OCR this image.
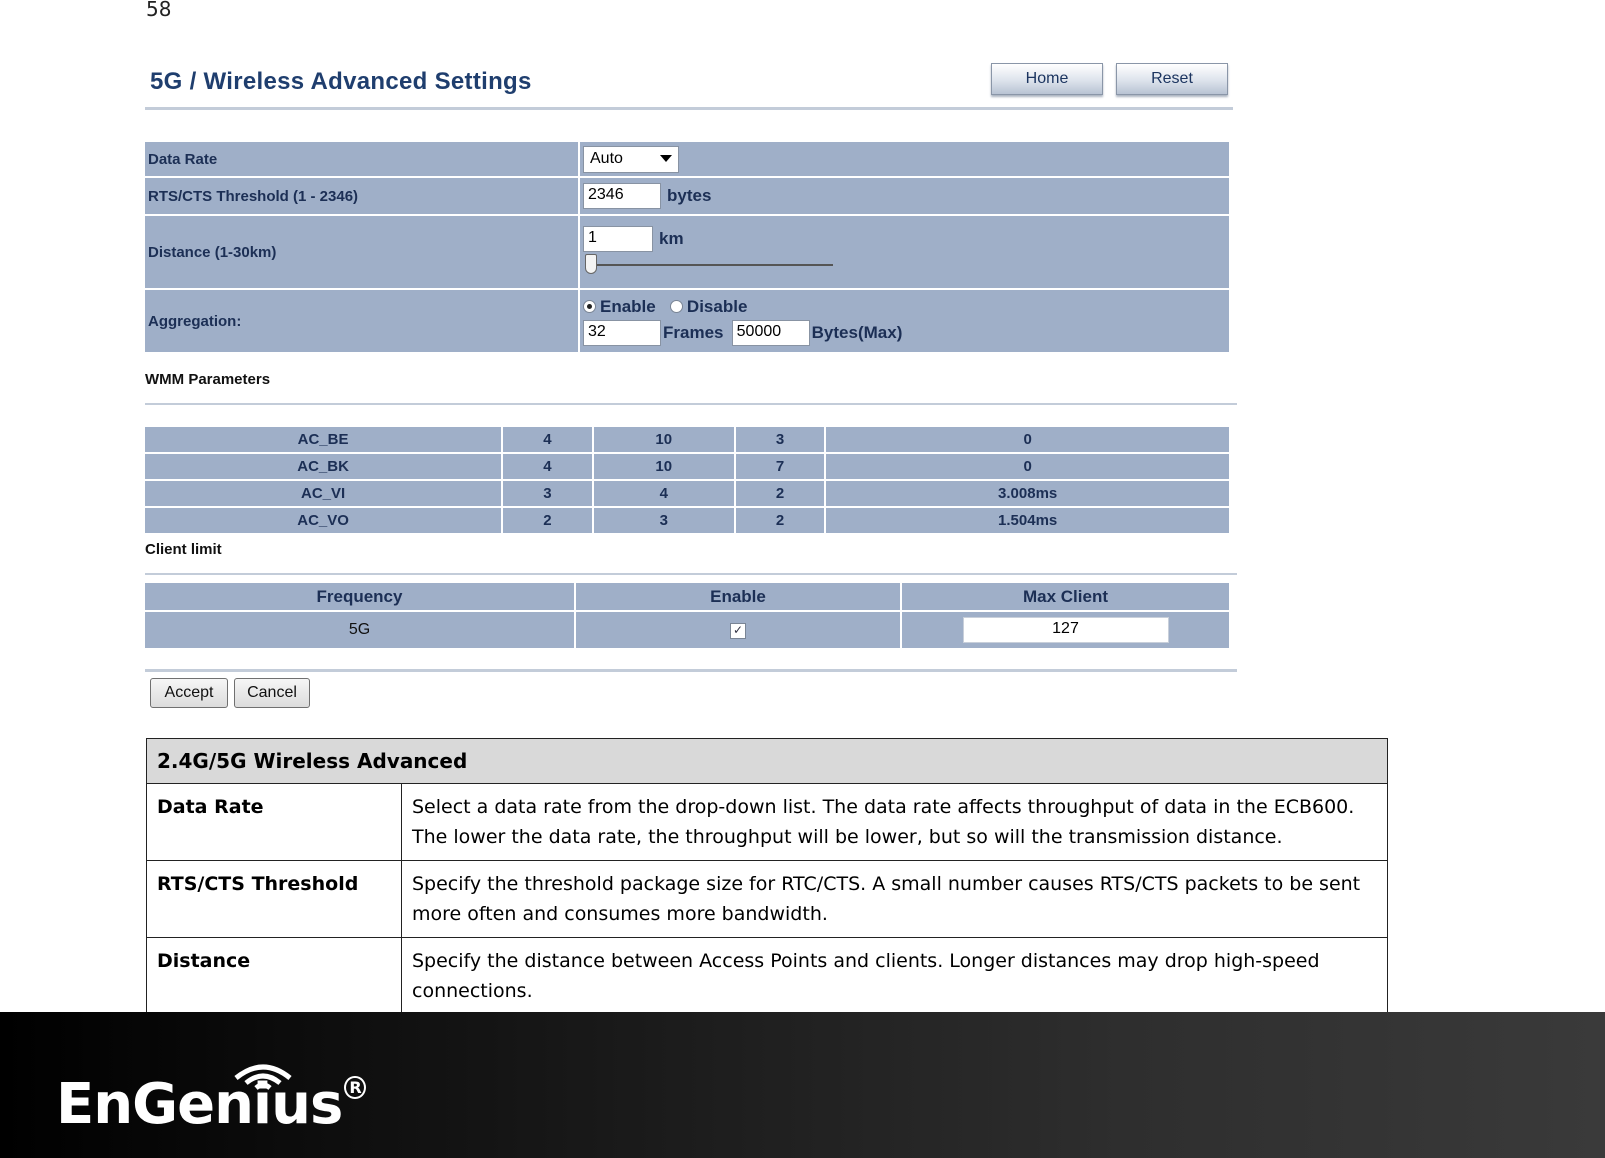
58
5G / Wireless Advanced Settings	Home	Reset
Data Rate	Auto

RTS/CTS Threshold (1 - 2346)	2346 bytes
Distance (1-30km)	1 km

Aggregation:	Enable Disable
32 Frames 50000 Bytes(Max)
WMM Parameters
AC_BE	4	10	3	0
AC_BK	4	10	7	0
AC_VI	3	4	2	3.008ms
AC_VO	2	3	2	1.504ms
Client limit
Frequency	Enable	Max Client
5G	✓	127
Accept	Cancel
2.4G/5G Wireless Advanced	
Data Rate	Select a data rate from the drop-down list. The data rate affects throughput of data in the ECB600. The lower the data rate, the throughput will be lower, but so will the transmission distance.
RTS/CTS Threshold	Specify the threshold package size for RTC/CTS. A small number causes RTS/CTS packets to be sent more often and consumes more bandwidth.
Distance	Specify the distance between Access Points and clients. Longer distances may drop high-speed connections.
EnGenius $^R$
